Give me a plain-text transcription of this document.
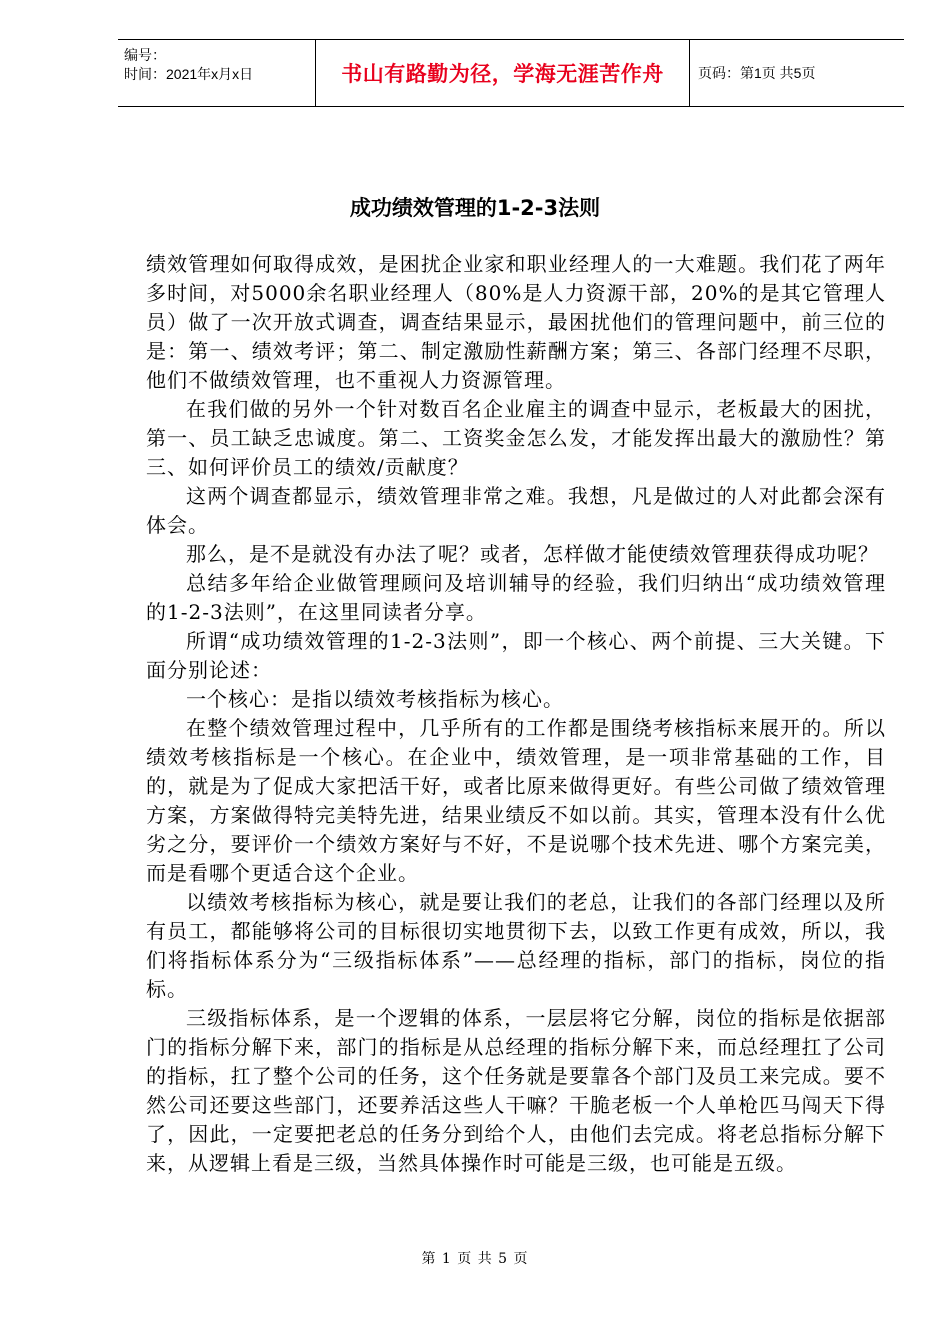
编号：
时间：2021年x月x日	书山有路勤为径，学海无涯苦作舟 页码：第1页 共5页
成功绩效管理的1-2-3法则

绩效管理如何取得成效，是困扰企业家和职业经理人的一大难题。我们花了两年多时间，对5000余名职业经理人（80%是人力资源干部，20%的是其它管理人员）做了一次开放式调查，调查结果显示，最困扰他们的管理问题中，前三位的是：第一、绩效考评；第二、制定激励性薪酬方案；第三、各部门经理不尽职，他们不做绩效管理，也不重视人力资源管理。

在我们做的另外一个针对数百名企业雇主的调查中显示，老板最大的困扰，第一、员工缺乏忠诚度。第二、工资奖金怎么发，才能发挥出最大的激励性？第三、如何评价员工的绩效/贡献度？

这两个调查都显示，绩效管理非常之难。我想，凡是做过的人对此都会深有体会。

那么，是不是就没有办法了呢？或者，怎样做才能使绩效管理获得成功呢？

总结多年给企业做管理顾问及培训辅导的经验，我们归纳出“成功绩效管理的1-2-3法则”，在这里同读者分享。

所谓“成功绩效管理的1-2-3法则”，即一个核心、两个前提、三大关键。下面分别论述：

一个核心：是指以绩效考核指标为核心。

在整个绩效管理过程中，几乎所有的工作都是围绕考核指标来展开的。所以绩效考核指标是一个核心。在企业中，绩效管理，是一项非常基础的工作，目的，就是为了促成大家把活干好，或者比原来做得更好。有些公司做了绩效管理方案，方案做得特完美特先进，结果业绩反不如以前。其实，管理本没有什么优劣之分，要评价一个绩效方案好与不好，不是说哪个技术先进、哪个方案完美，而是看哪个更适合这个企业。

以绩效考核指标为核心，就是要让我们的老总，让我们的各部门经理以及所有员工，都能够将公司的目标很切实地贯彻下去，以致工作更有成效，所以，我们将指标体系分为“三级指标体系”——总经理的指标，部门的指标，岗位的指标。

三级指标体系，是一个逻辑的体系，一层层将它分解，岗位的指标是依据部门的指标分解下来，部门的指标是从总经理的指标分解下来，而总经理扛了公司的指标，扛了整个公司的任务，这个任务就是要靠各个部门及员工来完成。要不然公司还要这些部门，还要养活这些人干嘛？干脆老板一个人单枪匹马闯天下得了，因此，一定要把老总的任务分到给个人，由他们去完成。将老总指标分解下来，从逻辑上看是三级，当然具体操作时可能是三级，也可能是五级。

第 1 页 共 5 页
